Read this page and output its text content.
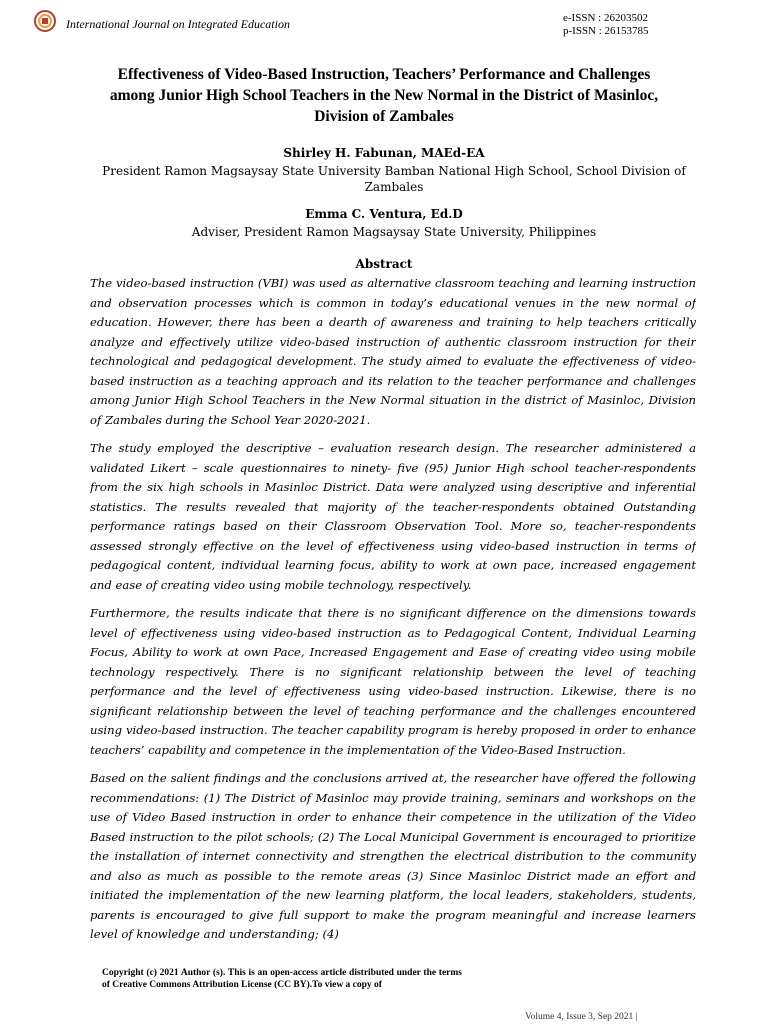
International Journal on Integrated Education	e-ISSN : 26203502
p-ISSN : 26153785
Effectiveness of Video-Based Instruction, Teachers’ Performance and Challenges among Junior High School Teachers in the New Normal in the District of Masinloc, Division of Zambales
Shirley H. Fabunan, MAEd-EA
President Ramon Magsaysay State University Bamban National High School, School Division of Zambales
Emma C. Ventura, Ed.D
Adviser, President Ramon Magsaysay State University, Philippines
Abstract

The video-based instruction (VBI) was used as alternative classroom teaching and learning instruction and observation processes which is common in today’s educational venues in the new normal of education. However, there has been a dearth of awareness and training to help teachers critically analyze and effectively utilize video-based instruction of authentic classroom instruction for their technological and pedagogical development. The study aimed to evaluate the effectiveness of video-based instruction as a teaching approach and its relation to the teacher performance and challenges among Junior High School Teachers in the New Normal situation in the district of Masinloc, Division of Zambales during the School Year 2020-2021.

The study employed the descriptive – evaluation research design. The researcher administered a validated Likert – scale questionnaires to ninety- five (95) Junior High school teacher-respondents from the six high schools in Masinloc District. Data were analyzed using descriptive and inferential statistics. The results revealed that majority of the teacher-respondents obtained Outstanding performance ratings based on their Classroom Observation Tool. More so, teacher-respondents assessed strongly effective on the level of effectiveness using video-based instruction in terms of pedagogical content, individual learning focus, ability to work at own pace, increased engagement and ease of creating video using mobile technology, respectively.

Furthermore, the results indicate that there is no significant difference on the dimensions towards level of effectiveness using video-based instruction as to Pedagogical Content, Individual Learning Focus, Ability to work at own Pace, Increased Engagement and Ease of creating video using mobile technology respectively. There is no significant relationship between the level of teaching performance and the level of effectiveness using video-based instruction. Likewise, there is no significant relationship between the level of teaching performance and the challenges encountered using video-based instruction. The teacher capability program is hereby proposed in order to enhance teachers’ capability and competence in the implementation of the Video-Based Instruction.

Based on the salient findings and the conclusions arrived at, the researcher have offered the following recommendations: (1) The District of Masinloc may provide training, seminars and workshops on the use of Video Based instruction in order to enhance their competence in the utilization of the Video Based instruction to the pilot schools; (2) The Local Municipal Government is encouraged to prioritize the installation of internet connectivity and strengthen the electrical distribution to the community and also as much as possible to the remote areas (3) Since Masinloc District made an effort and initiated the implementation of the new learning platform, the local leaders, stakeholders, students, parents is encouraged to give full support to make the program meaningful and increase learners level of knowledge and understanding; (4)

Copyright (c) 2021 Author (s). This is an open-access article distributed under the terms of Creative Commons Attribution License (CC BY).To view a copy of
Volume 4, Issue 3, Sep 2021 |
